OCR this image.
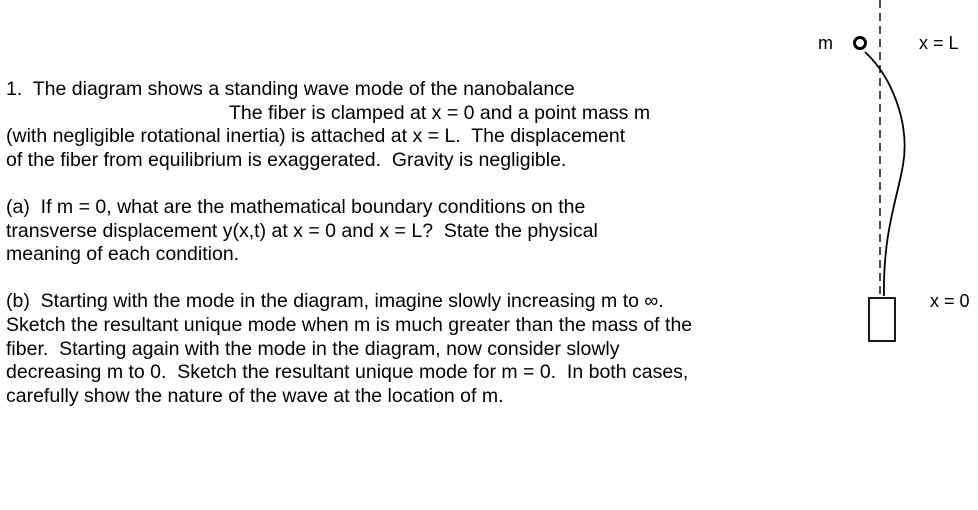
1.  The diagram shows a standing wave mode of the nanobalance

The fiber is clamped at x = 0 and a point mass m

(with negligible rotational inertia) is attached at x = L.  The displacement

of the fiber from equilibrium is exaggerated.  Gravity is negligible.

(a)  If m = 0, what are the mathematical boundary conditions on the

transverse displacement y(x,t) at x = 0 and x = L?  State the physical

meaning of each condition.

(b)  Starting with the mode in the diagram, imagine slowly increasing m to ∞.

Sketch the resultant unique mode when m is much greater than the mass of the

fiber.  Starting again with the mode in the diagram, now consider slowly

decreasing m to 0.  Sketch the resultant unique mode for m = 0.  In both cases,

carefully show the nature of the wave at the location of m.

m	x = L
x = 0
